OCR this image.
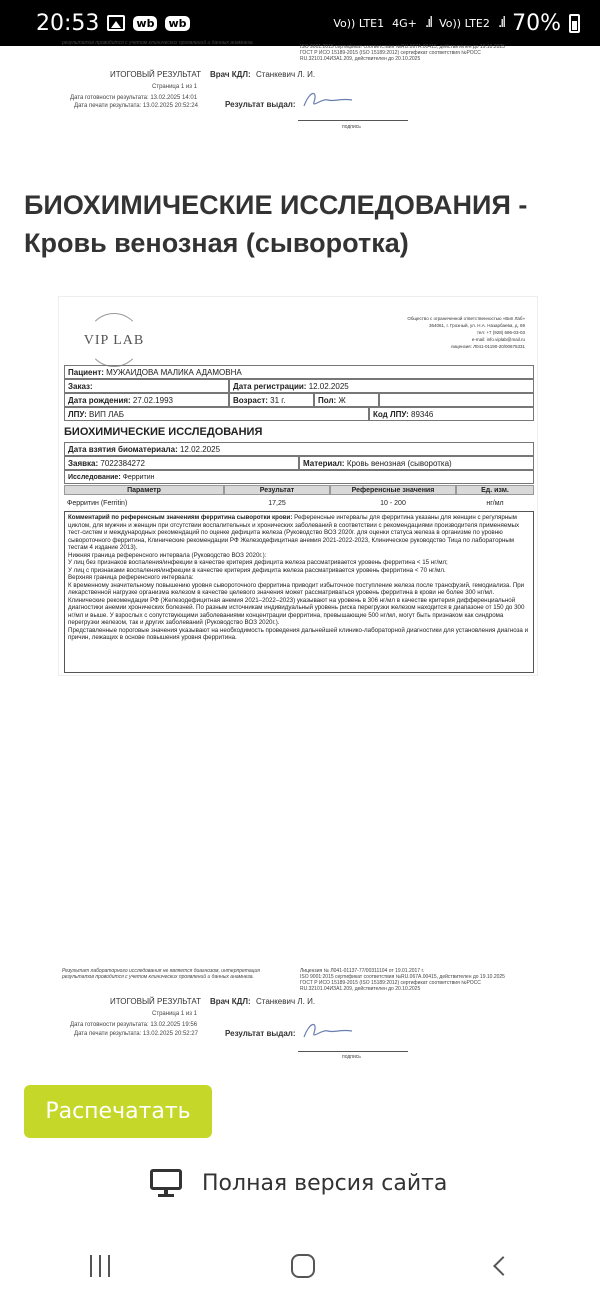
20:53	wb wb	Vo)) LTE1 4G+ .ıl Vo)) LTE2 .ıl 70%
результатов проводится с учетом клинических проявлений и данных анамнеза.
ISO 9001:2015 сертификат соответствия №RU.067A.00415, действителен до 19.10.2025
ГОСТ Р ИСО 15189-2015 (ISO 15189:2012) сертификат соответствия №РОСС
RU.32101.04ИЗА1.209, действителен до 20.10.2025
ИТОГОВЫЙ РЕЗУЛЬТАТ Врач КДЛ: Станкевич Л. И.
Страница 1 из 1
Дата готовности результата: 13.02.2025 14:01
Дата печати результата: 13.02.2025 20:52:24	Результат выдал:
подпись
БИОХИМИЧЕСКИЕ ИССЛЕДОВАНИЯ - Кровь венозная (сыворотка)
VIP LAB
Общество с ограниченной ответственностью «Вип Лаб»
364061, г. Грозный, ул. Н.А. Назарбаева, д. 69
тел: +7 (928) 696-03-03
e-mail: info.viplab@mail.ru
лицензия: Л041-01190-20/00675331
Пациент:
МУЖАИДОВА МАЛИКА АДАМОВНА
Заказ:	Дата регистрации:
12.02.2025
Дата рождения:
27.02.1993	Возраст:
31 г.	Пол:
Ж
ЛПУ:
ВИП ЛАБ	Код ЛПУ:
89346
БИОХИМИЧЕСКИЕ ИССЛЕДОВАНИЯ
Дата взятия биоматериала:
12.02.2025
Заявка:
7022384272	Материал:
Кровь венозная (сыворотка)
Исследование:
Ферритин
Параметр	Результат	Референсные значения	Ед. изм.
Ферритин (Ferritin)	17,25	10 - 200	нг/мл
Комментарий по референсным значениям ферритина сыворотки крови: Референсные интервалы для ферритина указаны для женщин с регулярным циклом, для мужчин и женщин при отсутствии воспалительных и хронических заболеваний в соответствии с рекомендациями производителя применяемых тест-систем и международных рекомендаций по оценке дефицита железа (Руководство ВОЗ 2020г. для оценки статуса железа в организме по уровню сывороточного ферритина, Клинические рекомендации РФ Железодефицитная анемия 2021-2022-2023, Клиническое руководство Тица по лабораторным тестам 4 издание 2013).
Нижняя граница референсного интервала (Руководство ВОЗ 2020г.):
У лиц без признаков воспаления/инфекции в качестве критерия дефицита железа рассматривается уровень ферритина < 15 нг/мл;
У лиц с признаками воспаления/инфекции в качестве критерия дефицита железа рассматривается уровень ферритина < 70 нг/мл.
Верхняя граница референсного интервала:
К временному значительному повышению уровня сывороточного ферритина приводит избыточное поступление железа после трансфузий, гемодиализа. При лекарственной нагрузке организма железом в качестве целевого значения может рассматриваться уровень ферритина в крови не более 300 нг/мл. Клинические рекомендации РФ (Железодефицитная анемия 2021–2022–2023) указывают на уровень в 306 нг/мл в качестве критерия дифференциальной диагностики анемии хронических болезней. По разным источникам индивидуальный уровень риска перегрузки железом находится в диапазоне от 150 до 300 нг/мл и выше. У взрослых с сопутствующими заболеваниями концентрации ферритина, превышающие 500 нг/мл, могут быть признаком как синдрома перегрузки железом, так и других заболеваний (Руководство ВОЗ 2020г.).
Представленные пороговые значения указывают на необходимость проведения дальнейшей клинико-лабораторной диагностики для установления диагноза и причин, лежащих в основе повышения уровня ферритина.
Результат лабораторного исследования не является диагнозом, интерпретация
результатов проводится с учетом клинических проявлений и данных анамнеза.
Лицензия № Л041-01137-77/00311104 от 19.01.2017 г.
ISO 9001:2015 сертификат соответствия №RU.067A.00415, действителен до 19.10.2025
ГОСТ Р ИСО 15189-2015 (ISO 15189:2012) сертификат соответствия №РОСС
RU.32101.04ИЗА1.209, действителен до 20.10.2025
ИТОГОВЫЙ РЕЗУЛЬТАТ Врач КДЛ: Станкевич Л. И.
Страница 1 из 1
Дата готовности результата: 13.02.2025 19:56
Дата печати результата: 13.02.2025 20:52:27	Результат выдал:
подпись
Распечатать
Полная версия сайта
